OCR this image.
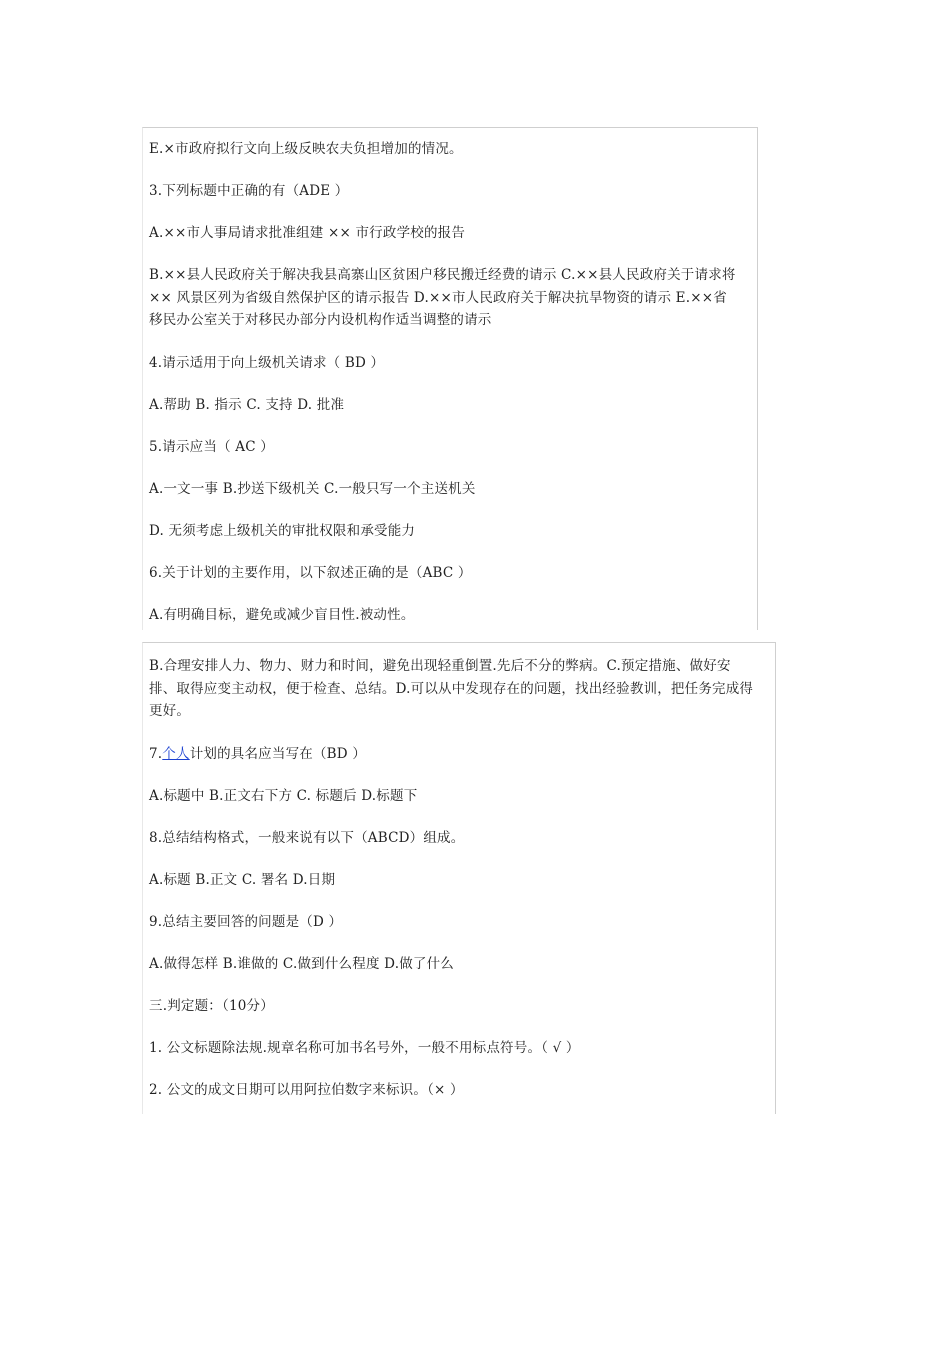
E.×市政府拟行文向上级反映农夫负担增加的情况。
3.下列标题中正确的有（ADE ）
A.××市人事局请求批准组建 ×× 市行政学校的报告
B.××县人民政府关于解决我县高寨山区贫困户移民搬迁经费的请示 C.××县人民政府关于请求将×× 风景区列为省级自然保护区的请示报告 D.××市人民政府关于解决抗旱物资的请示 E.××省移民办公室关于对移民办部分内设机构作适当调整的请示
4.请示适用于向上级机关请求（ BD ）
A.帮助 B. 指示 C. 支持 D. 批准
5.请示应当（ AC ）
A.一文一事 B.抄送下级机关 C.一般只写一个主送机关
D. 无须考虑上级机关的审批权限和承受能力
6.关于计划的主要作用，以下叙述正确的是（ABC ）
A.有明确目标，避免或减少盲目性.被动性。
B.合理安排人力、物力、财力和时间，避免出现轻重倒置.先后不分的弊病。C.预定措施、做好安排、取得应变主动权，便于检查、总结。D.可以从中发现存在的问题，找出经验教训，把任务完成得更好。
7.个人计划的具名应当写在（BD ）
A.标题中 B.正文右下方 C. 标题后 D.标题下
8.总结结构格式，一般来说有以下（ABCD）组成。
A.标题 B.正文 C. 署名 D.日期
9.总结主要回答的问题是（D ）
A.做得怎样 B.谁做的 C.做到什么程度 D.做了什么
三.判定题：（10分）
1. 公文标题除法规.规章名称可加书名号外，一般不用标点符号。（ √ ）
2. 公文的成文日期可以用阿拉伯数字来标识。（× ）
